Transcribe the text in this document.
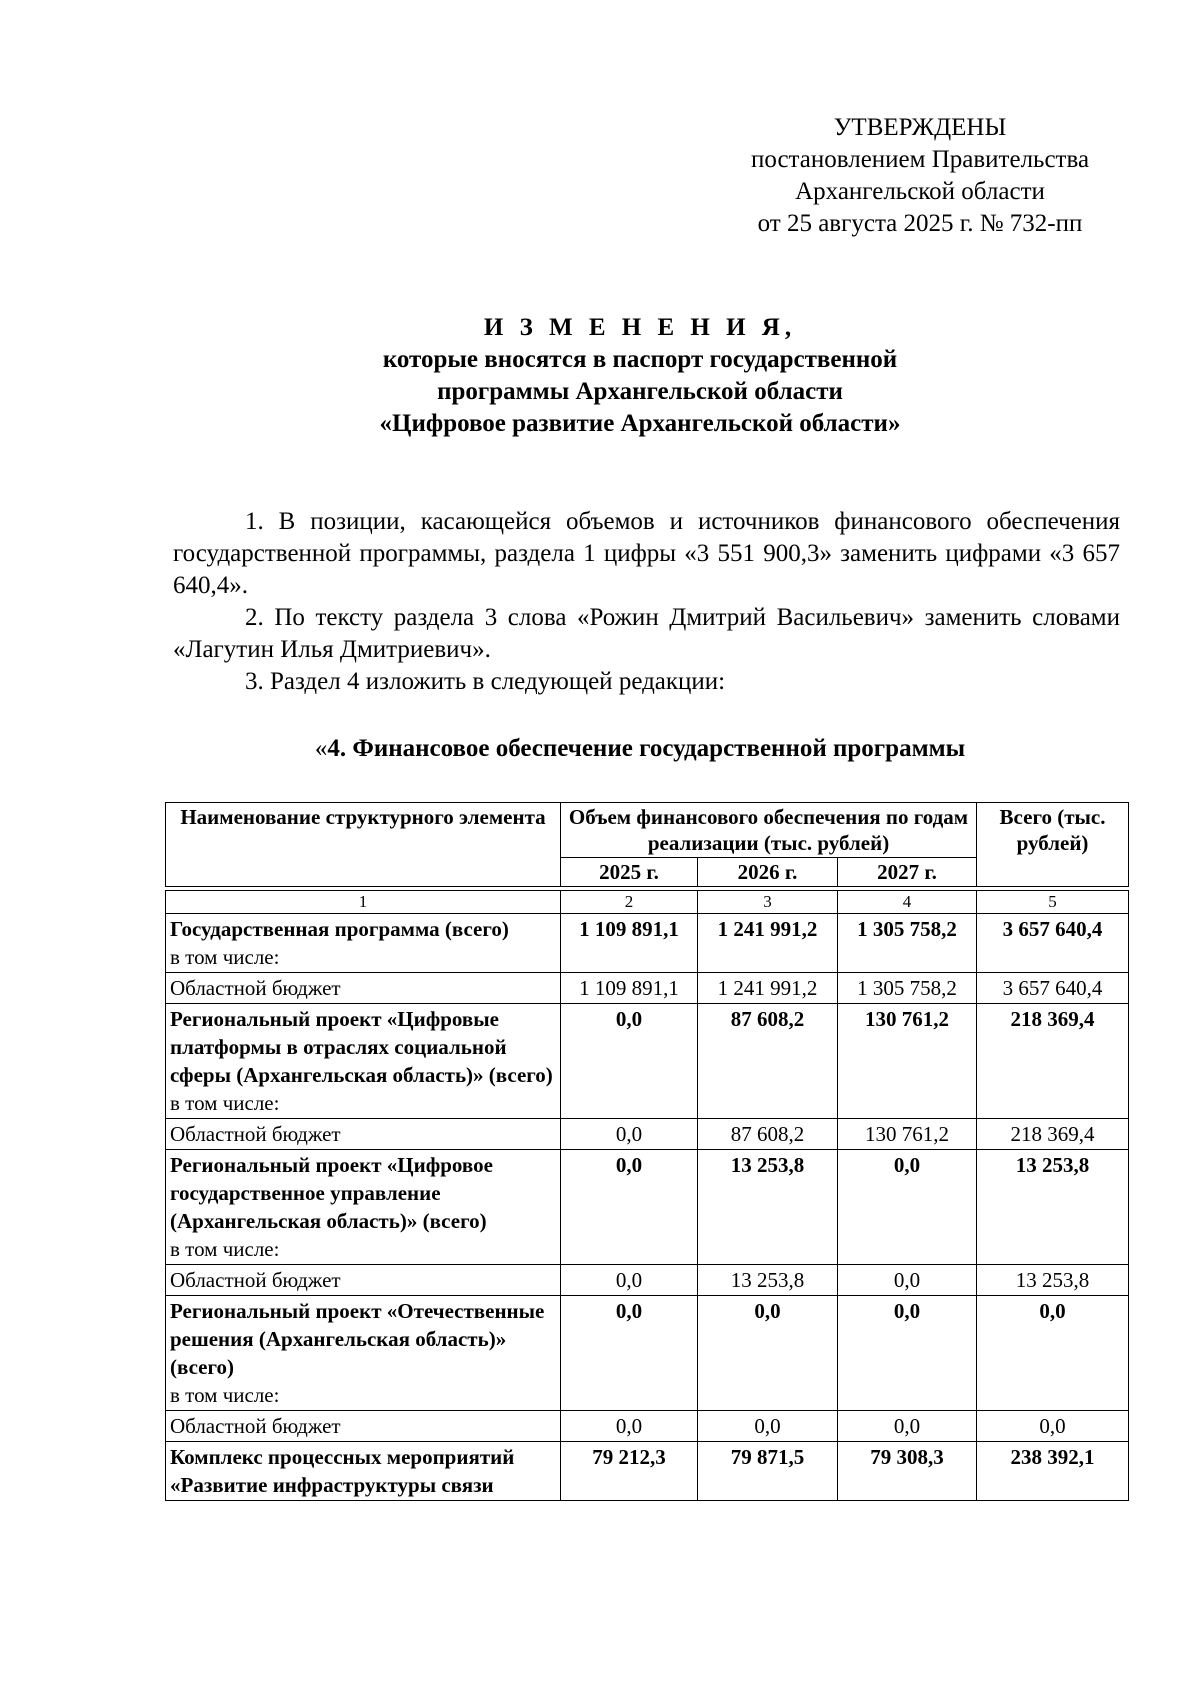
УТВЕРЖДЕНЫ
постановлением Правительства
Архангельской области
от 25 августа 2025 г. № 732-пп
И З М Е Н Е Н И Я,
которые вносятся в паспорт государственной
программы Архангельской области
«Цифровое развитие Архангельской области»

1. В позиции, касающейся объемов и источников финансового обеспечения государственной программы, раздела 1 цифры «3 551 900,3» заменить цифрами «3 657 640,4».

2. По тексту раздела 3 слова «Рожин Дмитрий Васильевич» заменить словами «Лагутин Илья Дмитриевич».

3. Раздел 4 изложить в следующей редакции:

«4. Финансовое обеспечение государственной программы
Наименование структурного элемента	Объем финансового обеспечения по годам реализации (тыс. рублей)			Всего (тыс. рублей)
	2025 г.	2026 г.	2027 г.	

1	2	3	4	5
Государственная программа (всего)
в том числе:	1 109 891,1	1 241 991,2	1 305 758,2	3 657 640,4
Областной бюджет	1 109 891,1	1 241 991,2	1 305 758,2	3 657 640,4
Региональный проект «Цифровые платформы в отраслях социальной сферы (Архангельская область)» (всего)
в том числе:	0,0	87 608,2	130 761,2	218 369,4
Областной бюджет	0,0	87 608,2	130 761,2	218 369,4
Региональный проект «Цифровое государственное управление (Архангельская область)» (всего)
в том числе:	0,0	13 253,8	0,0	13 253,8
Областной бюджет	0,0	13 253,8	0,0	13 253,8
Региональный проект «Отечественные решения (Архангельская область)» (всего)
в том числе:	0,0	0,0	0,0	0,0
Областной бюджет	0,0	0,0	0,0	0,0
Комплекс процессных мероприятий «Развитие инфраструктуры связи	79 212,3	79 871,5	79 308,3	238 392,1
